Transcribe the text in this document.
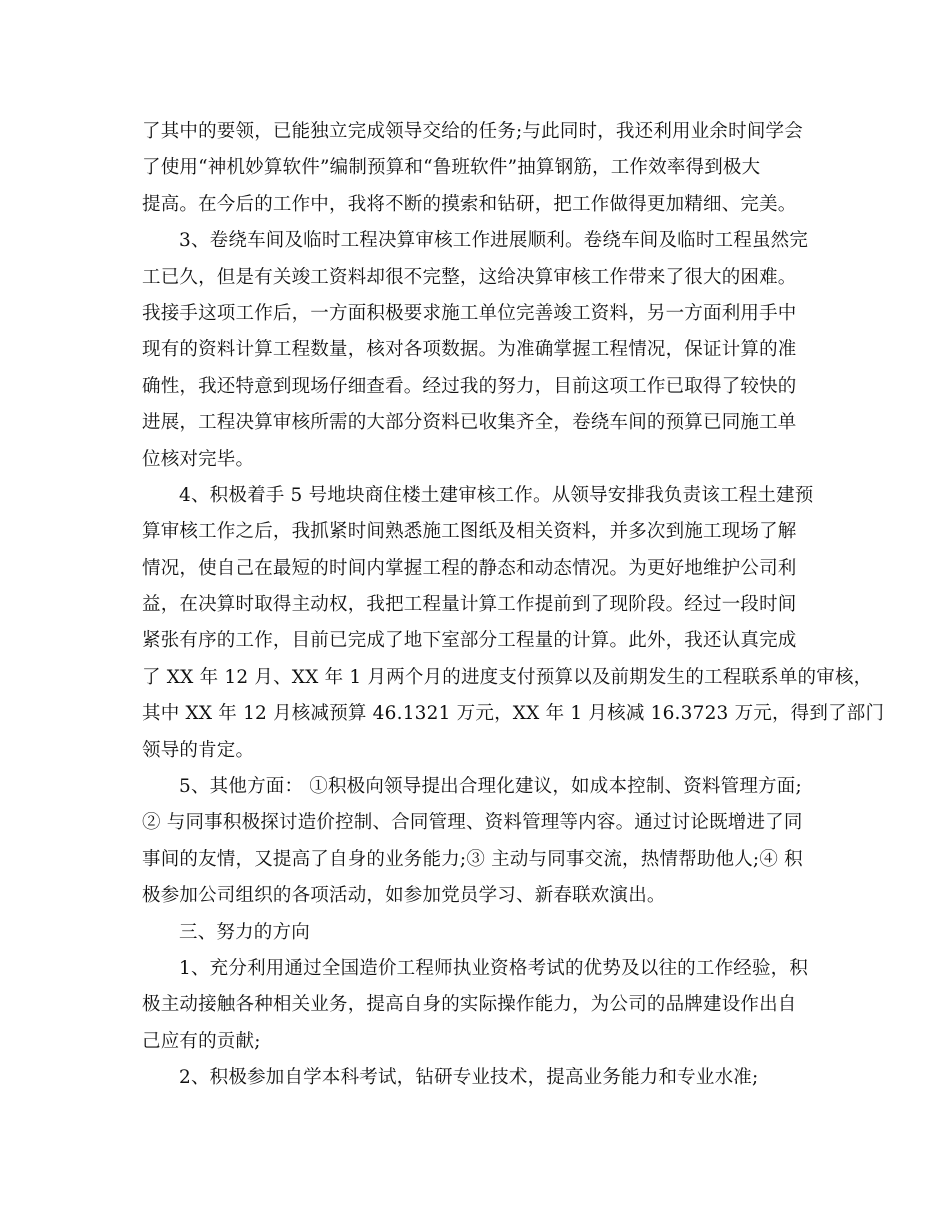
了其中的要领，已能独立完成领导交给的任务;与此同时，我还利用业余时间学会
了使用“神机妙算软件”编制预算和“鲁班软件”抽算钢筋，工作效率得到极大
提高。在今后的工作中，我将不断的摸索和钻研，把工作做得更加精细、完美。
3、卷绕车间及临时工程决算审核工作进展顺利。卷绕车间及临时工程虽然完
工已久，但是有关竣工资料却很不完整，这给决算审核工作带来了很大的困难。
我接手这项工作后，一方面积极要求施工单位完善竣工资料，另一方面利用手中
现有的资料计算工程数量，核对各项数据。为准确掌握工程情况，保证计算的准
确性，我还特意到现场仔细查看。经过我的努力，目前这项工作已取得了较快的
进展，工程决算审核所需的大部分资料已收集齐全，卷绕车间的预算已同施工单
位核对完毕。
4、积极着手 5 号地块商住楼土建审核工作。从领导安排我负责该工程土建预
算审核工作之后，我抓紧时间熟悉施工图纸及相关资料，并多次到施工现场了解
情况，使自己在最短的时间内掌握工程的静态和动态情况。为更好地维护公司利
益，在决算时取得主动权，我把工程量计算工作提前到了现阶段。经过一段时间
紧张有序的工作，目前已完成了地下室部分工程量的计算。此外，我还认真完成
了 XX 年 12 月、XX 年 1 月两个月的进度支付预算以及前期发生的工程联系单的审核，
其中 XX 年 12 月核减预算 46.1321 万元，XX 年 1 月核减 16.3723 万元，得到了部门
领导的肯定。
5、其他方面： ①积极向领导提出合理化建议，如成本控制、资料管理方面;
② 与同事积极探讨造价控制、合同管理、资料管理等内容。通过讨论既增进了同
事间的友情，又提高了自身的业务能力;③ 主动与同事交流，热情帮助他人;④ 积
极参加公司组织的各项活动，如参加党员学习、新春联欢演出。
三、努力的方向
1、充分利用通过全国造价工程师执业资格考试的优势及以往的工作经验，积
极主动接触各种相关业务，提高自身的实际操作能力，为公司的品牌建设作出自
己应有的贡献;
2、积极参加自学本科考试，钻研专业技术，提高业务能力和专业水准;
